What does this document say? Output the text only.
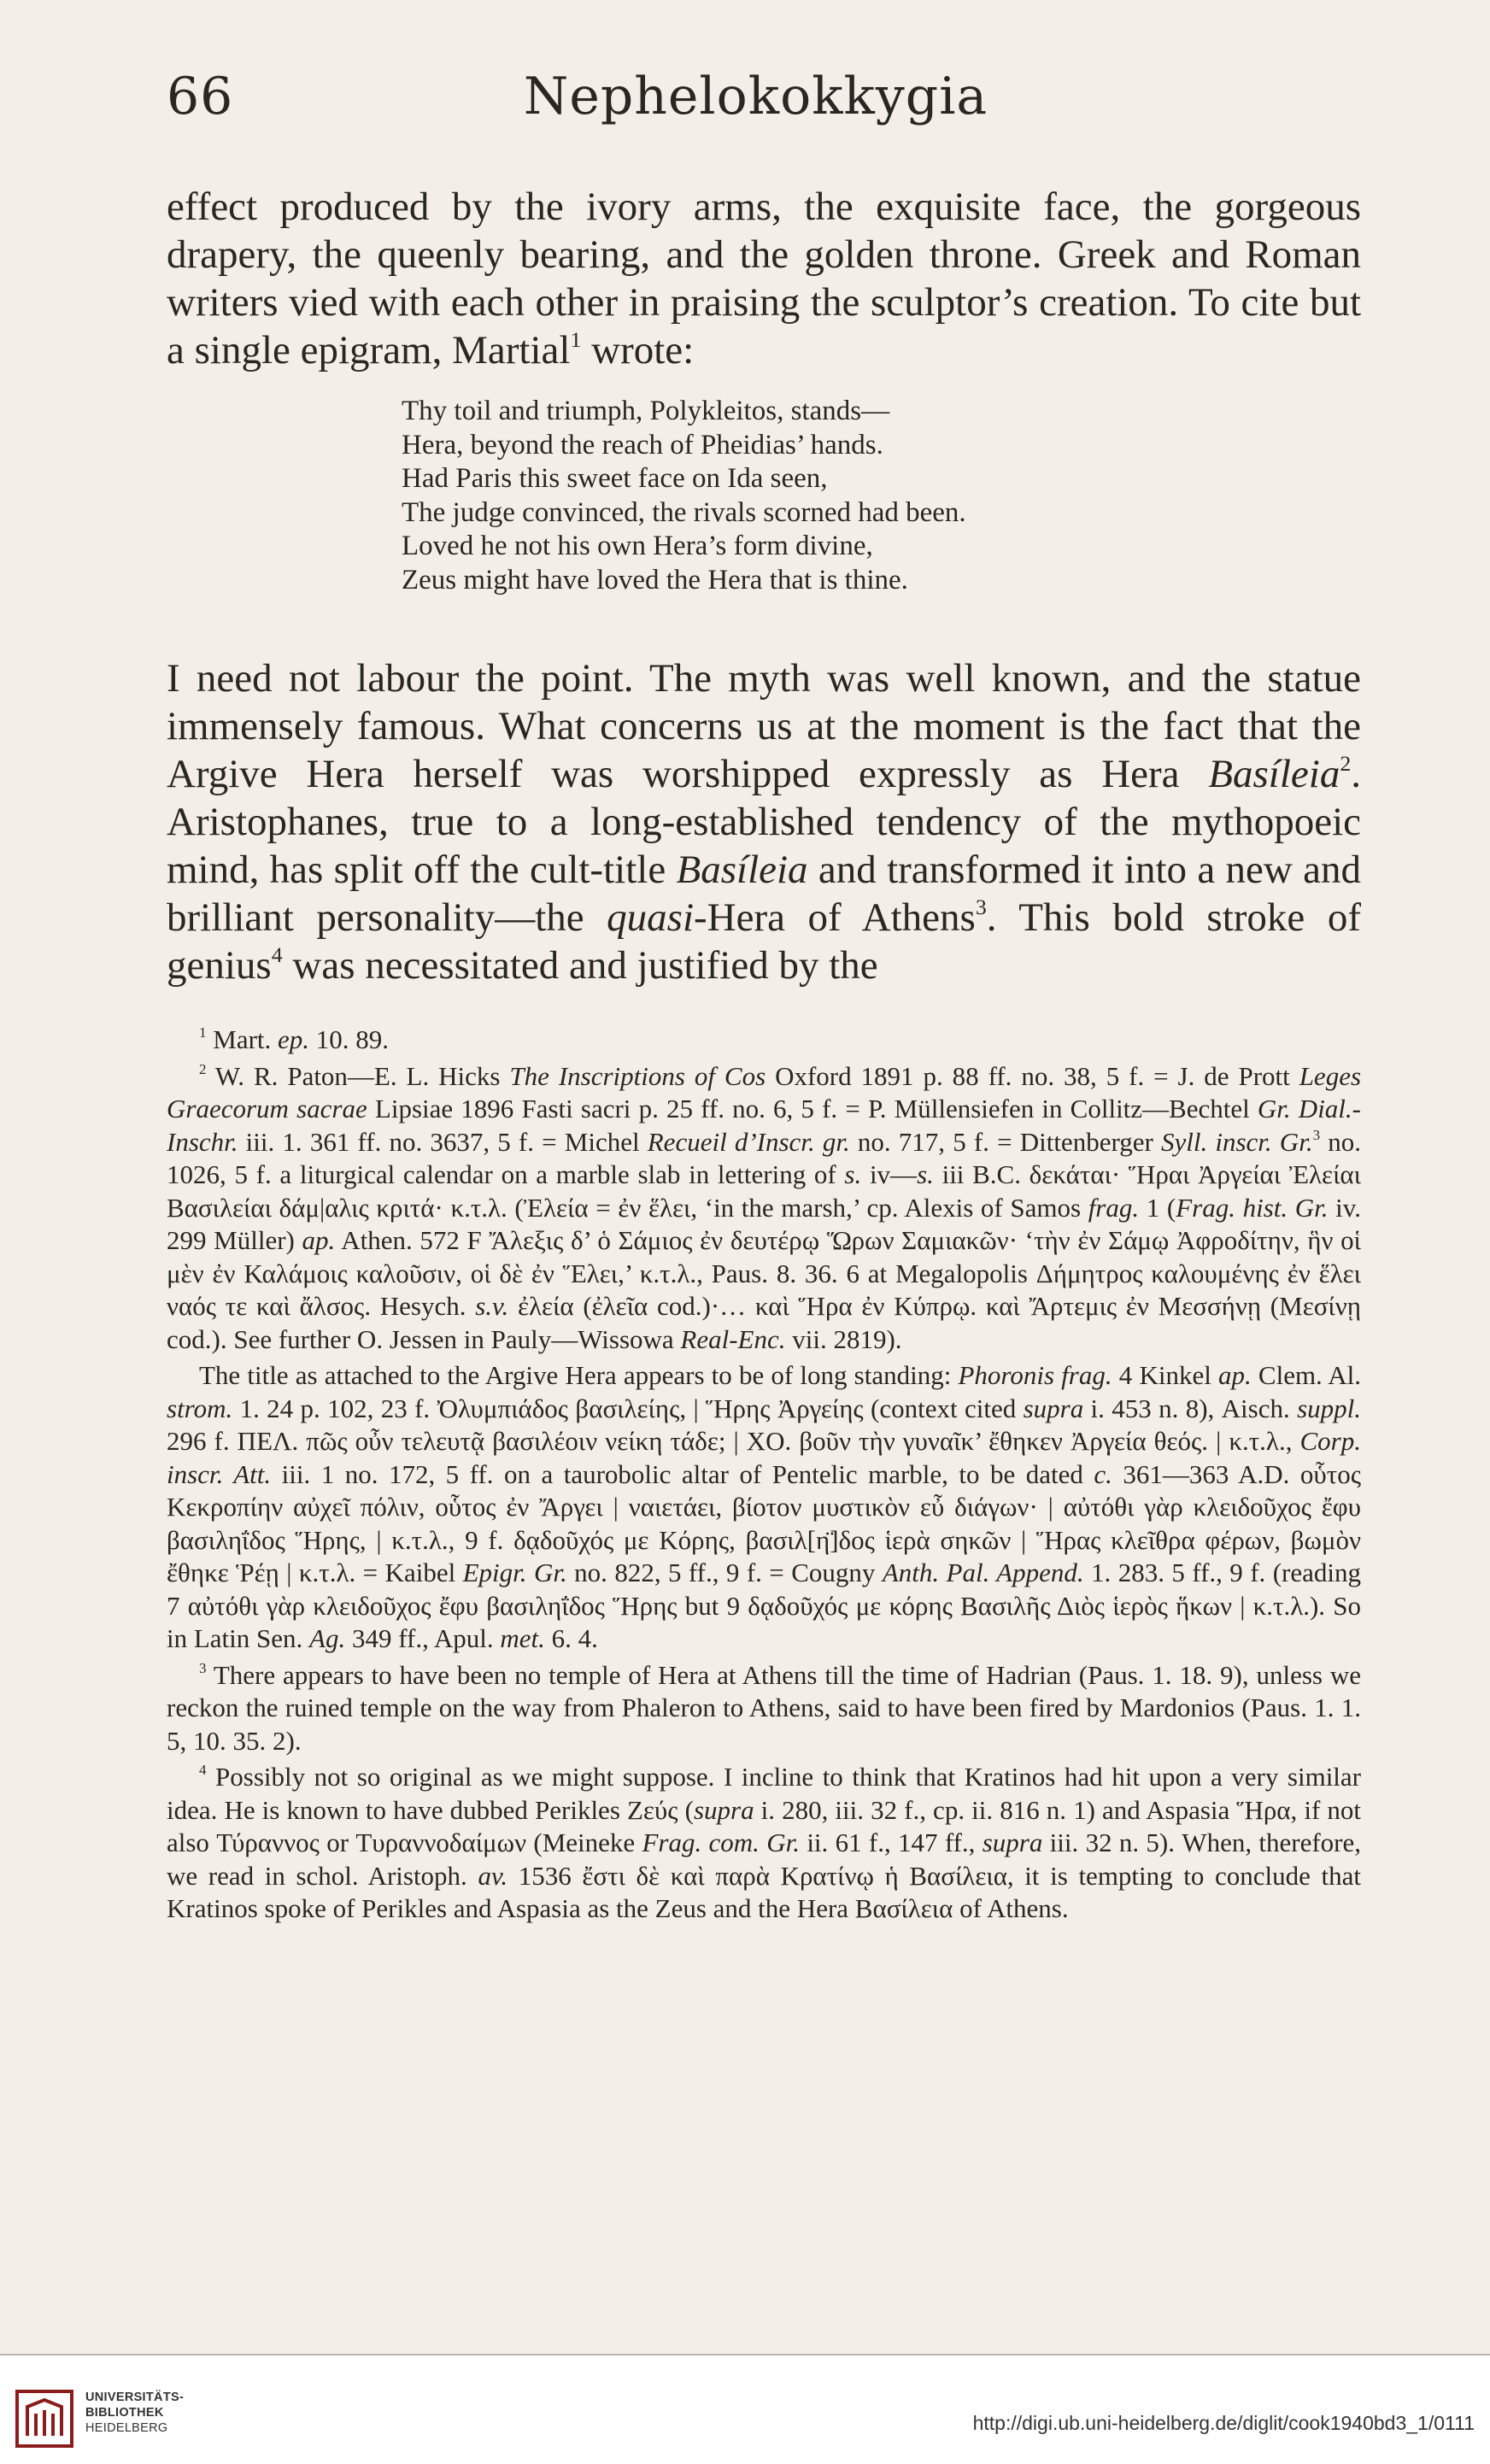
66	Nephelokokkygia

effect produced by the ivory arms, the exquisite face, the gorgeous drapery, the queenly bearing, and the golden throne. Greek and Roman writers vied with each other in praising the sculptor’s creation. To cite but a single epigram, Martial$^1$ wrote:

Thy toil and triumph, Polykleitos, stands—
Hera, beyond the reach of Pheidias’ hands.
Had Paris this sweet face on Ida seen,
The judge convinced, the rivals scorned had been.
Loved he not his own Hera’s form divine,
Zeus might have loved the Hera that is thine.

I need not labour the point. The myth was well known, and the statue immensely famous. What concerns us at the moment is the fact that the Argive Hera herself was worshipped expressly as Hera Basíleia$^2$. Aristophanes, true to a long-established tendency of the mythopoeic mind, has split off the cult-title Basíleia and transformed it into a new and brilliant personality—the quasi-Hera of Athens$^3$. This bold stroke of genius$^4$ was necessitated and justified by the

$^1$ Mart. ep. 10. 89.

$^2$ W. R. Paton—E. L. Hicks The Inscriptions of Cos Oxford 1891 p. 88 ff. no. 38, 5 f. = J. de Prott Leges Graecorum sacrae Lipsiae 1896 Fasti sacri p. 25 ff. no. 6, 5 f. = P. Müllensiefen in Collitz—Bechtel Gr. Dial.-Inschr. iii. 1. 361 ff. no. 3637, 5 f. = Michel Recueil d’Inscr. gr. no. 717, 5 f. = Dittenberger Syll. inscr. Gr.$^3$ no. 1026, 5 f. a liturgical calendar on a marble slab in lettering of s. iv—s. iii B.C. δεκάται· Ἥραι Ἀργείαι Ἐλείαι Βασιλείαι δάμ|αλις κριτά· κ.τ.λ. (Ἐλεία = ἐν ἕλει, ‘in the marsh,’ cp. Alexis of Samos frag. 1 (Frag. hist. Gr. iv. 299 Müller) ap. Athen. 572 F Ἄλεξις δ’ ὁ Σάμιος ἐν δευτέρῳ Ὥρων Σαμιακῶν· ‘τὴν ἐν Σάμῳ Ἀφροδίτην, ἣν οἱ μὲν ἐν Καλάμοις καλοῦσιν, οἱ δὲ ἐν Ἕλει,’ κ.τ.λ., Paus. 8. 36. 6 at Megalopolis Δήμητρος καλουμένης ἐν ἕλει ναός τε καὶ ἄλσος. Hesych. s.v. ἐλεία (ἐλεῖα cod.)·… καὶ Ἥρα ἐν Κύπρῳ. καὶ Ἄρτεμις ἐν Μεσσήνῃ (Μεσίνῃ cod.). See further O. Jessen in Pauly—Wissowa Real-Enc. vii. 2819).

The title as attached to the Argive Hera appears to be of long standing: Phoronis frag. 4 Kinkel ap. Clem. Al. strom. 1. 24 p. 102, 23 f. Ὀλυμπιάδος βασιλείης, | Ἥρης Ἀργείης (context cited supra i. 453 n. 8), Aisch. suppl. 296 f. ΠΕΛ. πῶς οὖν τελευτᾷ βασιλέοιν νείκη τάδε; | ΧΟ. βοῦν τὴν γυναῖκ’ ἔθηκεν Ἀργεία θεός. | κ.τ.λ., Corp. inscr. Att. iii. 1 no. 172, 5 ff. on a taurobolic altar of Pentelic marble, to be dated c. 361—363 A.D. οὗτος Κεκροπίην αὐχεῖ πόλιν, οὗτος ἐν Ἄργει | ναιετάει, βίοτον μυστικὸν εὖ διάγων· | αὐτόθι γὰρ κλειδοῦχος ἔφυ βασιληΐδος Ἥρης, | κ.τ.λ., 9 f. δᾳδοῦχός με Κόρης, βασιλ[η̈]δος ἱερὰ σηκῶν | Ἥρας κλεῖθρα φέρων, βωμὸν ἔθηκε Ῥέῃ | κ.τ.λ. = Kaibel Epigr. Gr. no. 822, 5 ff., 9 f. = Cougny Anth. Pal. Append. 1. 283. 5 ff., 9 f. (reading 7 αὐτόθι γὰρ κλειδοῦχος ἔφυ βασιληΐδος Ἥρης but 9 δᾳδοῦχός με κόρης Βασιλῆς Διὸς ἱερὸς ἥκων | κ.τ.λ.). So in Latin Sen. Ag. 349 ff., Apul. met. 6. 4.

$^3$ There appears to have been no temple of Hera at Athens till the time of Hadrian (Paus. 1. 18. 9), unless we reckon the ruined temple on the way from Phaleron to Athens, said to have been fired by Mardonios (Paus. 1. 1. 5, 10. 35. 2).

$^4$ Possibly not so original as we might suppose. I incline to think that Kratinos had hit upon a very similar idea. He is known to have dubbed Perikles Ζεύς (supra i. 280, iii. 32 f., cp. ii. 816 n. 1) and Aspasia Ἥρα, if not also Τύραννος or Τυραννοδαίμων (Meineke Frag. com. Gr. ii. 61 f., 147 ff., supra iii. 32 n. 5). When, therefore, we read in schol. Aristoph. av. 1536 ἔστι δὲ καὶ παρὰ Κρατίνῳ ἡ Βασίλεια, it is tempting to conclude that Kratinos spoke of Perikles and Aspasia as the Zeus and the Hera Βασίλεια of Athens.

UNIVERSITÄTS-
BIBLIOTHEK
HEIDELBERG	http://digi.ub.uni-heidelberg.de/diglit/cook1940bd3_1/0111
